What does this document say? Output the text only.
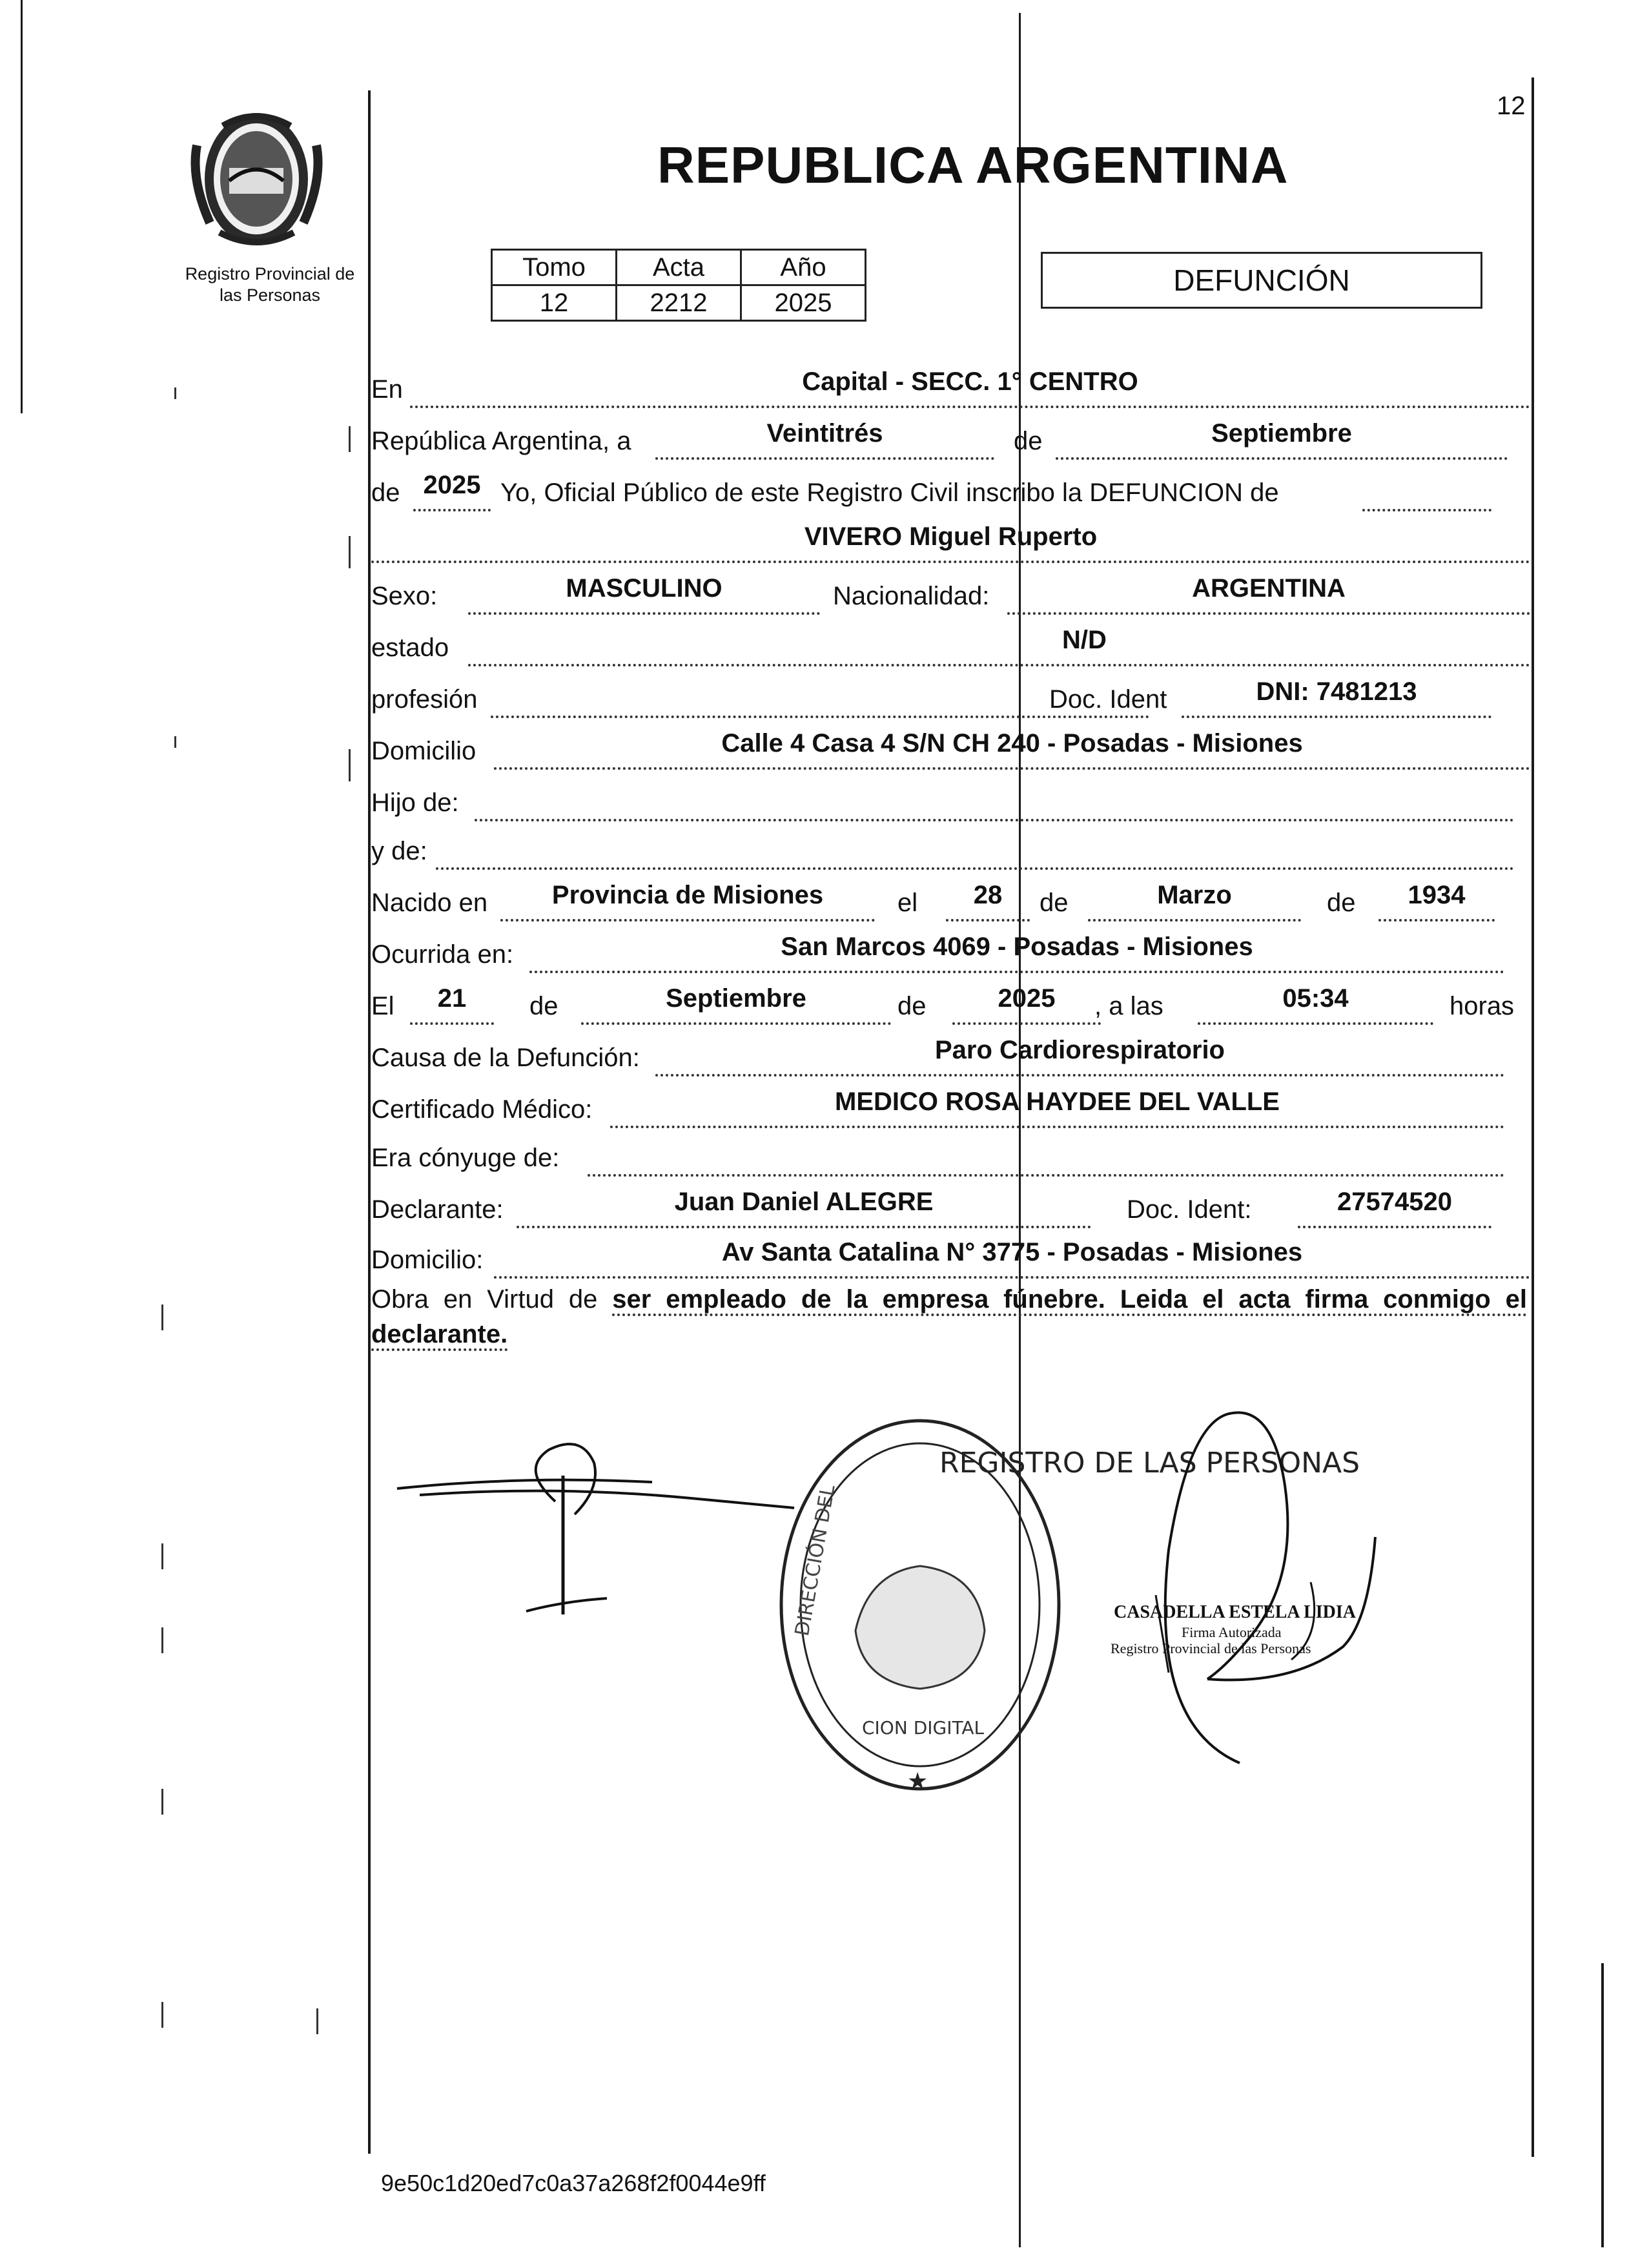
12
REPUBLICA ARGENTINA
Registro Provincial de
las Personas
Tomo	Acta	Año
12	2212	2025
DEFUNCIÓN
En	Capital - SECC. 1° CENTRO
República Argentina, a	Veintitrés	de	Septiembre
de 2025 Yo, Oficial Público de este Registro Civil inscribo la DEFUNCION de
VIVERO Miguel Ruperto
Sexo:	MASCULINO	Nacionalidad:	ARGENTINA
estado	N/D
profesión	Doc. Ident	DNI: 7481213
Domicilio	Calle 4 Casa 4 S/N CH 240 - Posadas - Misiones
Hijo de:
y de:
Nacido en	Provincia de Misiones	el	28	de	Marzo	de	1934
Ocurrida en:	San Marcos 4069 - Posadas - Misiones
El	21	de	Septiembre	de	2025	, a las	05:34	horas
Causa de la Defunción:	Paro Cardiorespiratorio
Certificado Médico:	MEDICO ROSA HAYDEE DEL VALLE
Era cónyuge de:
Declarante:	Juan Daniel ALEGRE	Doc. Ident:	27574520
Domicilio:	Av Santa Catalina N° 3775 - Posadas - Misiones
Obra en Virtud de ser empleado de la empresa fúnebre. Leida el acta firma conmigo el declarante.
REGISTRO DE LAS PERSONAS
DIRECCIÓN DEL
CION DIGITAL
★
CASADELLA ESTELA LIDIA
Firma Autorizada
Registro Provincial de las Personas
9e50c1d20ed7c0a37a268f2f0044e9ff
